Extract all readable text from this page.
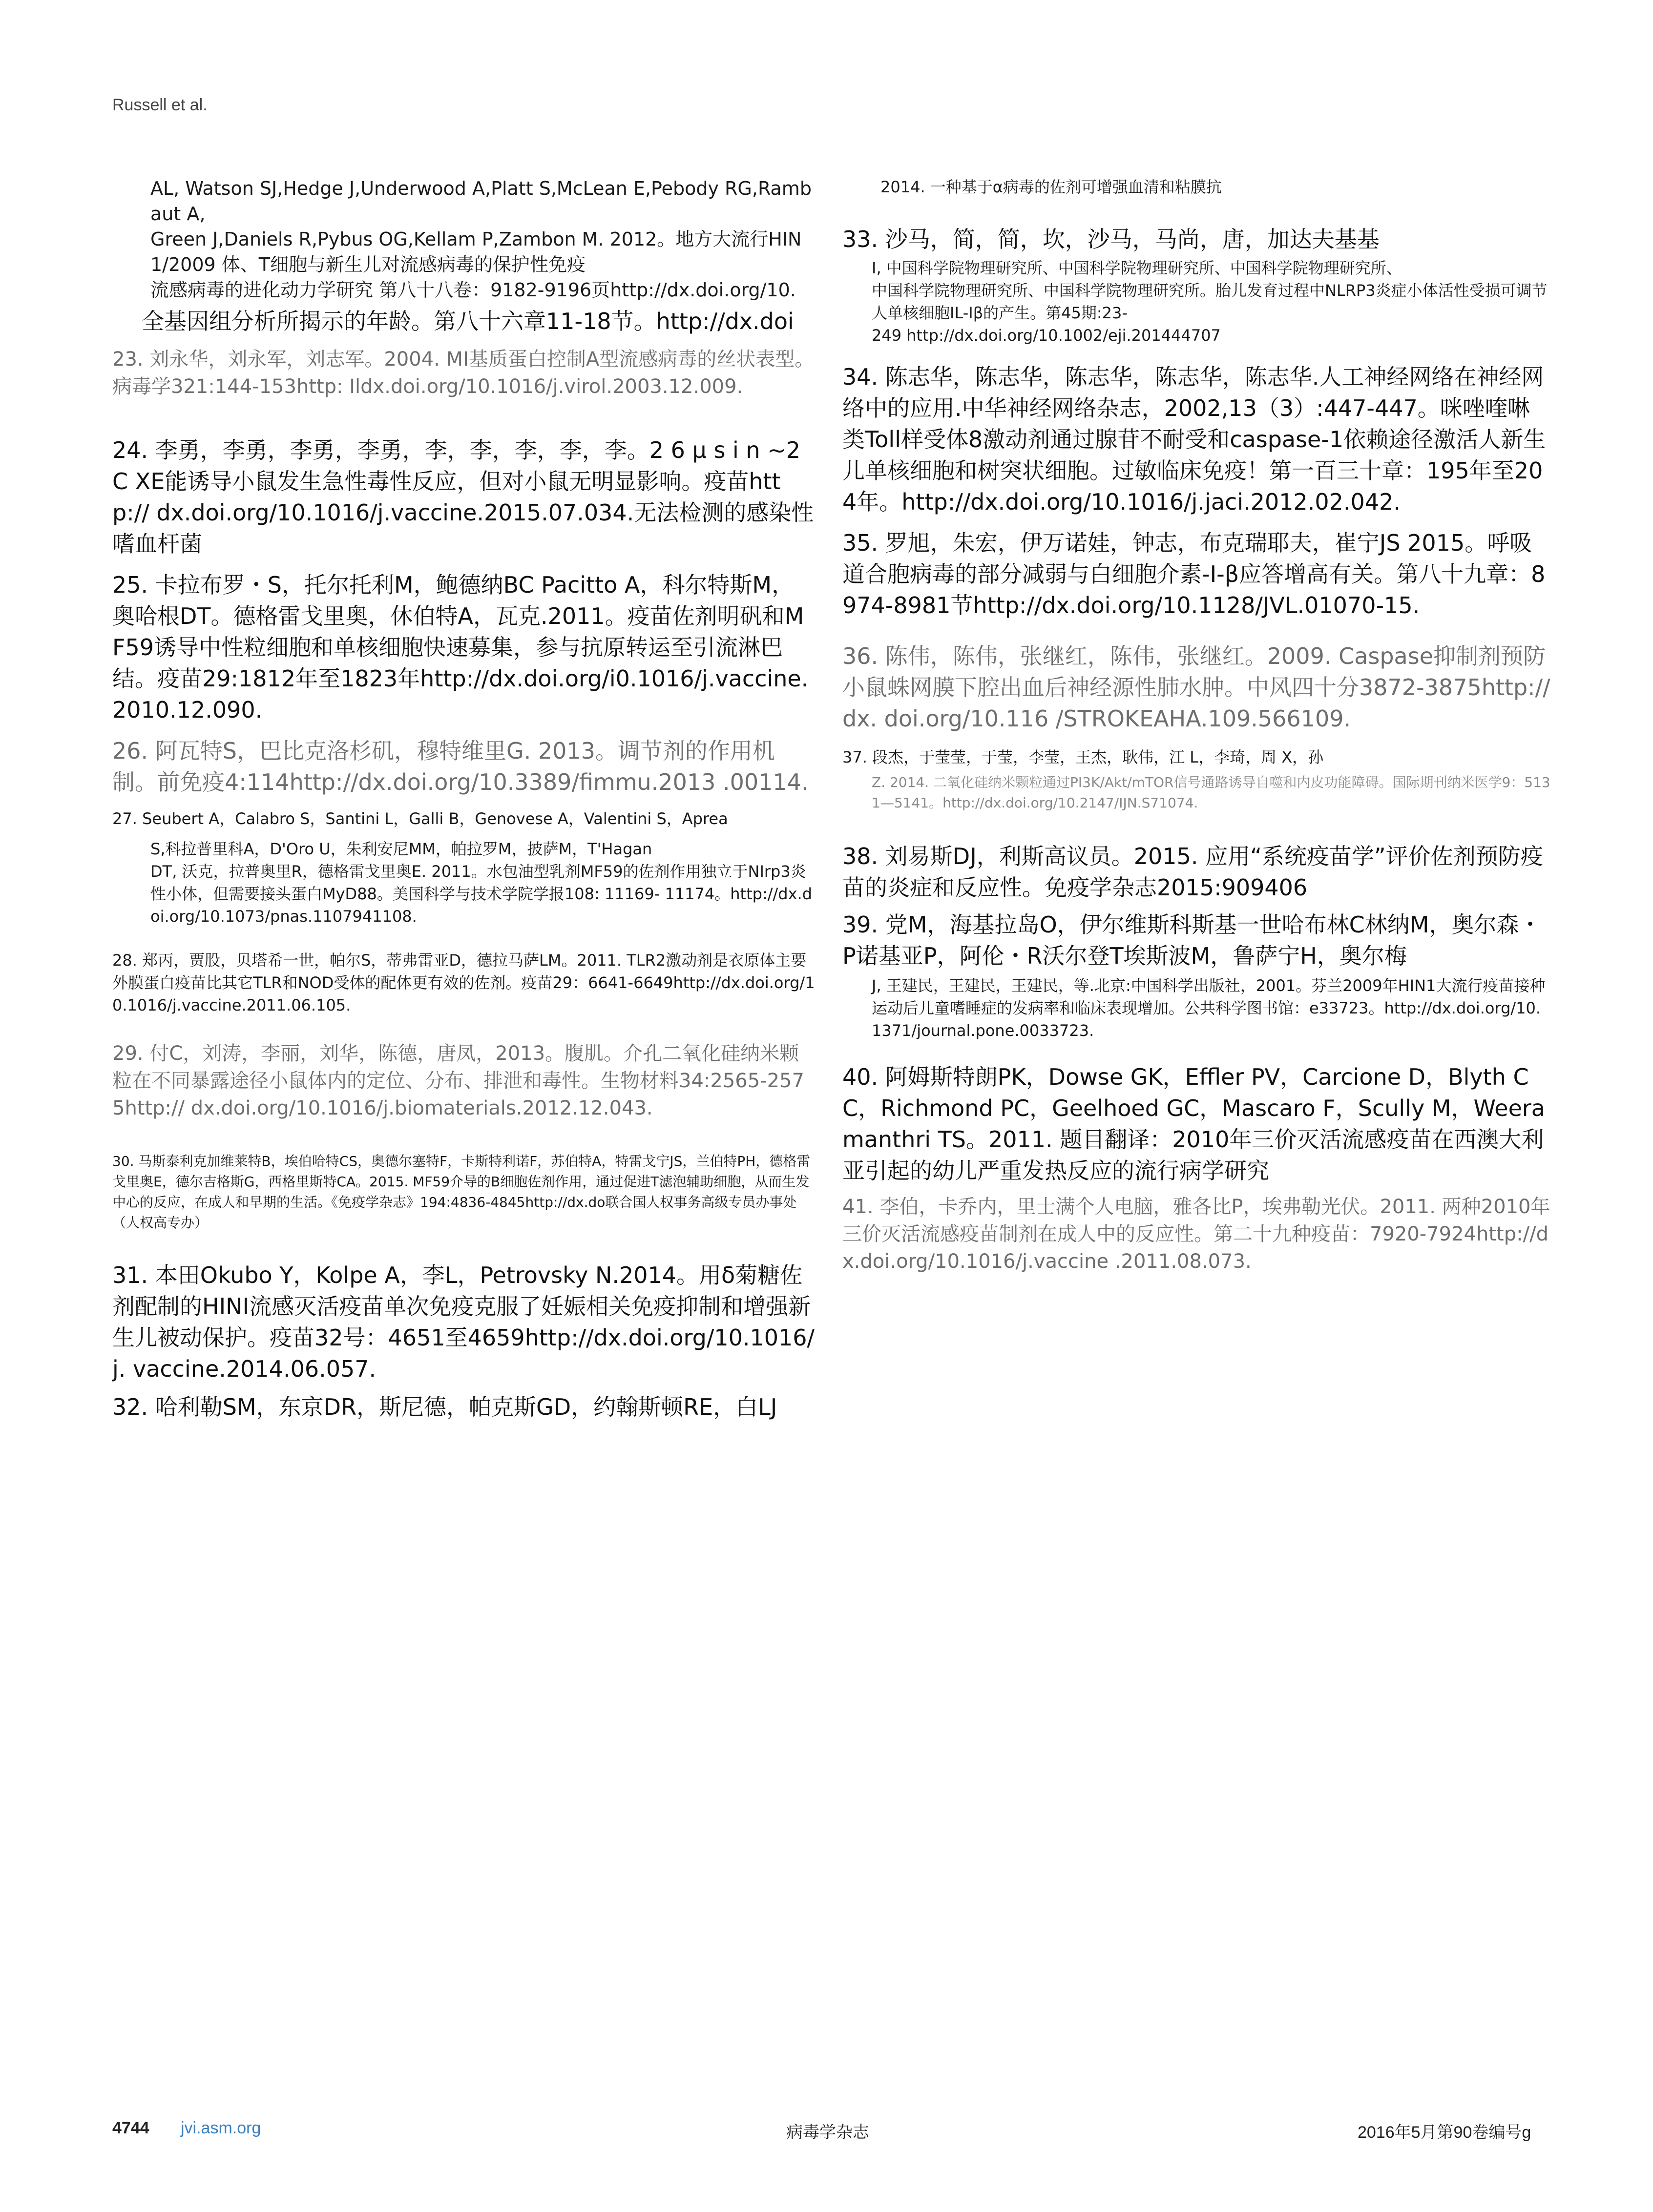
Russell et al.

AL, Watson SJ,Hedge J,Underwood A,Platt S,McLean E,Pebody RG,Rambaut A,
Green J,Daniels R,Pybus OG,Kellam P,Zambon M. 2012。地方大流行HIN1/2009 体、T细胞与新生儿对流感病毒的保护性免疫
流感病毒的进化动力学研究 第八十八卷：9182-9196页http://dx.doi.org/10.

全基因组分析所揭示的年龄。第八十六章11-18节。http://dx.doi

23. 刘永华，刘永军，刘志军。2004. MI基质蛋白控制A型流感病毒的丝状表型。病毒学321:144-153http: Ildx.doi.org/10.1016/j.virol.2003.12.009.

24. 李勇，李勇，李勇，李勇，李，李，李，李，李。2 6 μ s i n ~2 C XE能诱导小鼠发生急性毒性反应，但对小鼠无明显影响。疫苗http:// dx.doi.org/10.1016/j.vaccine.2015.07.034.无法检测的感染性嗜血杆菌

25. 卡拉布罗・S，托尔托利M，鲍德纳BC Pacitto A，科尔特斯M，奥哈根DT。德格雷戈里奥，休伯特A，瓦克.2011。疫苗佐剂明矾和MF59诱导中性粒细胞和单核细胞快速募集，参与抗原转运至引流淋巴结。疫苗29:1812年至1823年http://dx.doi.org/i0.1016/j.vaccine.2010.12.090.

26. 阿瓦特S，巴比克洛杉矶，穆特维里G. 2013。调节剂的作用机制。前免疫4:114http://dx.doi.org/10.3389/fimmu.2013 .00114.

27. Seubert A，Calabro S，Santini L，Galli B，Genovese A，Valentini S，Aprea

S,科拉普里科A，D'Oro U，朱利安尼MM，帕拉罗M，披萨M，T'Hagan
DT, 沃克，拉普奥里R，德格雷戈里奥E. 2011。水包油型乳剂MF59的佐剂作用独立于NIrp3炎性小体，但需要接头蛋白MyD88。美国科学与技术学院学报108: 11169- 11174。http://dx.doi.org/10.1073/pnas.1107941108.

28. 郑丙，贾股，贝塔希一世，帕尔S，蒂弗雷亚D，德拉马萨LM。2011. TLR2激动剂是衣原体主要外膜蛋白疫苗比其它TLR和NOD受体的配体更有效的佐剂。疫苗29：6641-6649http://dx.doi.org/10.1016/j.vaccine.2011.06.105.

29. 付C，刘涛，李丽，刘华，陈德，唐凤，2013。腹肌。介孔二氧化硅纳米颗粒在不同暴露途径小鼠体内的定位、分布、排泄和毒性。生物材料34:2565-2575http:// dx.doi.org/10.1016/j.biomaterials.2012.12.043.

30. 马斯泰利克加维莱特B，埃伯哈特CS，奥德尔塞特F，卡斯特利诺F，苏伯特A，特雷戈宁JS，兰伯特PH，德格雷戈里奥E，德尔吉格斯G，西格里斯特CA。2015. MF59介导的B细胞佐剂作用，通过促进T滤泡辅助细胞，从而生发中心的反应，在成人和早期的生活。《免疫学杂志》194:4836-4845http://dx.do联合国人权事务高级专员办事处（人权高专办）

31. 本田Okubo Y，Kolpe A，李L，Petrovsky N.2014。用δ菊糖佐剂配制的HINI流感灭活疫苗单次免疫克服了妊娠相关免疫抑制和增强新生儿被动保护。疫苗32号：4651至4659http://dx.doi.org/10.1016/j. vaccine.2014.06.057.

32. 哈利勒SM，东京DR，斯尼德，帕克斯GD，约翰斯顿RE，白LJ

2014. 一种基于α病毒的佐剂可增强血清和粘膜抗

33. 沙马，简，简，坎，沙马，马尚，唐，加达夫基基

I, 中国科学院物理研究所、中国科学院物理研究所、中国科学院物理研究所、
中国科学院物理研究所、中国科学院物理研究所。胎儿发育过程中NLRP3炎症小体活性受损可调节人单核细胞IL-Iβ的产生。第45期:23-
249 http://dx.doi.org/10.1002/eji.201444707

34. 陈志华，陈志华，陈志华，陈志华，陈志华.人工神经网络在神经网络中的应用.中华神经网络杂志，2002,13（3）:447-447。咪唑喹啉类Toll样受体8激动剂通过腺苷不耐受和caspase-1依赖途径激活人新生儿单核细胞和树突状细胞。过敏临床免疫！第一百三十章：195年至204年。http://dx.doi.org/10.1016/j.jaci.2012.02.042.

35. 罗旭，朱宏，伊万诺娃，钟志，布克瑞耶夫，崔宁JS 2015。呼吸道合胞病毒的部分减弱与白细胞介素-I-β应答增高有关。第八十九章：8974-8981节http://dx.doi.org/10.1128/JVL.01070-15.

36. 陈伟，陈伟，张继红，陈伟，张继红。2009. Caspase抑制剂预防小鼠蛛网膜下腔出血后神经源性肺水肿。中风四十分3872-3875http://dx. doi.org/10.116 /STROKEAHA.109.566109.

37. 段杰，于莹莹，于莹，李莹，王杰，耿伟，江 L，李琦，周 X，孙

Z. 2014. 二氧化硅纳米颗粒通过PI3K/Akt/mTOR信号通路诱导自噬和内皮功能障碍。国际期刊纳米医学9：5131—5141。http://dx.doi.org/10.2147/IJN.S71074.

38. 刘易斯DJ，利斯高议员。2015. 应用“系统疫苗学”评价佐剂预防疫苗的炎症和反应性。免疫学杂志2015:909406

39. 党M，海基拉岛O，伊尔维斯科斯基一世哈布林C林纳M，奥尔森・P诺基亚P，阿伦・R沃尔登T埃斯波M，鲁萨宁H，奥尔梅

J, 王建民，王建民，王建民，等.北京:中国科学出版社，2001。芬兰2009年HIN1大流行疫苗接种运动后儿童嗜睡症的发病率和临床表现增加。公共科学图书馆：e33723。http://dx.doi.org/10.1371/journal.pone.0033723.

40. 阿姆斯特朗PK，Dowse GK，Effler PV，Carcione D，Blyth CC，Richmond PC，Geelhoed GC，Mascaro F，Scully M，Weeramanthri TS。2011. 题目翻译：2010年三价灭活流感疫苗在西澳大利亚引起的幼儿严重发热反应的流行病学研究

41. 李伯，卡乔内，里士满个人电脑，雅各比P，埃弗勒光伏。2011. 两种2010年三价灭活流感疫苗制剂在成人中的反应性。第二十九种疫苗：7920-7924http://dx.doi.org/10.1016/j.vaccine .2011.08.073.

4744 jvi.asm.org	病毒学杂志	2016年5月第90卷编号g
